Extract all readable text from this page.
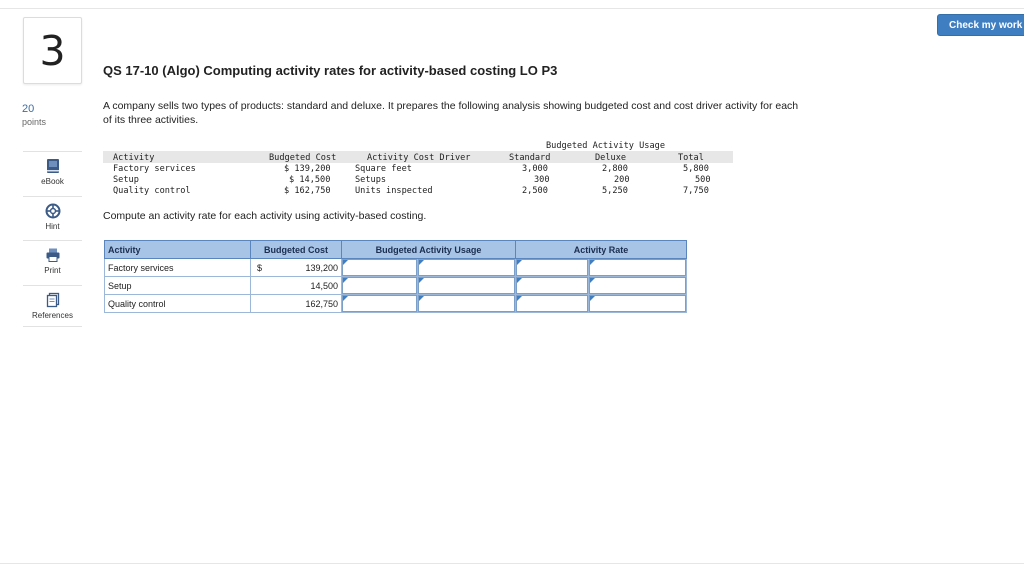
Check my work
3
20
points
eBook
Hint
Print
References
QS 17-10 (Algo) Computing activity rates for activity-based costing LO P3
A company sells two types of products: standard and deluxe. It prepares the following analysis showing budgeted cost and cost driver activity for each of its three activities.
Budgeted Activity Usage
Activity	Budgeted Cost	Activity Cost Driver	Standard	Deluxe	Total
Factory services	$ 139,200	Square feet	3,000	2,800	5,800
Setup	$ 14,500	Setups	300	200	500
Quality control	$ 162,750	Units inspected	2,500	5,250	7,750
Compute an activity rate for each activity using activity-based costing.
Activity	Budgeted Cost		Budgeted Activity Usage		Activity Rate	
Factory services	$	139,200	

Setup		14,500	

Quality control		162,750	
